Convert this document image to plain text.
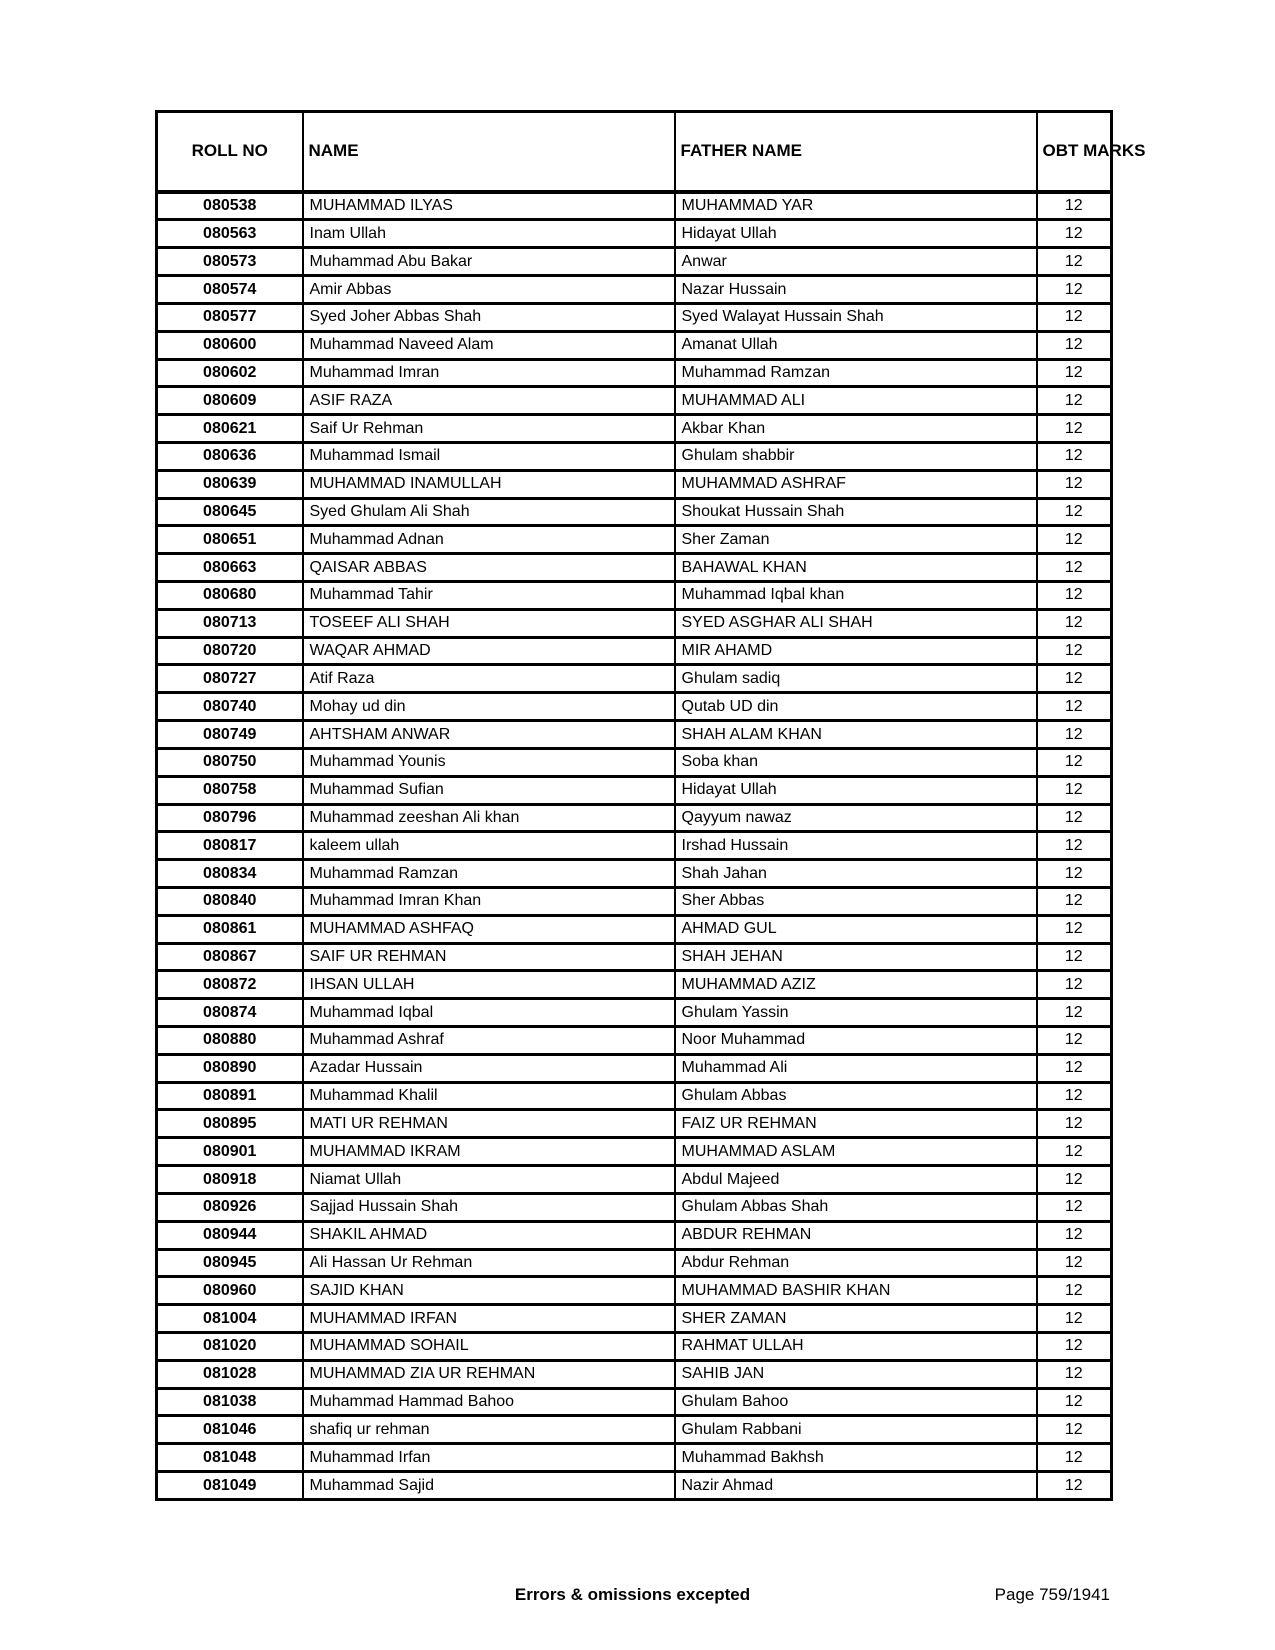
ROLL NO	NAME	FATHER NAME	OBT MARKS
080538	MUHAMMAD ILYAS	MUHAMMAD YAR	12
080563	Inam Ullah	Hidayat Ullah	12
080573	Muhammad Abu Bakar	Anwar	12
080574	Amir Abbas	Nazar Hussain	12
080577	Syed Joher Abbas Shah	Syed Walayat Hussain Shah	12
080600	Muhammad Naveed Alam	Amanat Ullah	12
080602	Muhammad Imran	Muhammad Ramzan	12
080609	ASIF RAZA	MUHAMMAD ALI	12
080621	Saif Ur Rehman	Akbar Khan	12
080636	Muhammad Ismail	Ghulam shabbir	12
080639	MUHAMMAD INAMULLAH	MUHAMMAD ASHRAF	12
080645	Syed Ghulam Ali Shah	Shoukat Hussain Shah	12
080651	Muhammad Adnan	Sher Zaman	12
080663	QAISAR ABBAS	BAHAWAL KHAN	12
080680	Muhammad Tahir	Muhammad Iqbal khan	12
080713	TOSEEF ALI SHAH	SYED ASGHAR ALI SHAH	12
080720	WAQAR AHMAD	MIR AHAMD	12
080727	Atif Raza	Ghulam sadiq	12
080740	Mohay ud din	Qutab UD din	12
080749	AHTSHAM ANWAR	SHAH ALAM KHAN	12
080750	Muhammad Younis	Soba khan	12
080758	Muhammad Sufian	Hidayat Ullah	12
080796	Muhammad zeeshan Ali khan	Qayyum nawaz	12
080817	kaleem ullah	Irshad Hussain	12
080834	Muhammad Ramzan	Shah Jahan	12
080840	Muhammad Imran Khan	Sher Abbas	12
080861	MUHAMMAD ASHFAQ	AHMAD GUL	12
080867	SAIF UR REHMAN	SHAH JEHAN	12
080872	IHSAN ULLAH	MUHAMMAD AZIZ	12
080874	Muhammad Iqbal	Ghulam Yassin	12
080880	Muhammad Ashraf	Noor Muhammad	12
080890	Azadar Hussain	Muhammad Ali	12
080891	Muhammad Khalil	Ghulam Abbas	12
080895	MATI UR REHMAN	FAIZ UR REHMAN	12
080901	MUHAMMAD IKRAM	MUHAMMAD ASLAM	12
080918	Niamat Ullah	Abdul Majeed	12
080926	Sajjad Hussain Shah	Ghulam Abbas Shah	12
080944	SHAKIL AHMAD	ABDUR REHMAN	12
080945	Ali Hassan Ur Rehman	Abdur Rehman	12
080960	SAJID KHAN	MUHAMMAD BASHIR KHAN	12
081004	MUHAMMAD IRFAN	SHER ZAMAN	12
081020	MUHAMMAD SOHAIL	RAHMAT ULLAH	12
081028	MUHAMMAD ZIA UR REHMAN	SAHIB JAN	12
081038	Muhammad Hammad Bahoo	Ghulam Bahoo	12
081046	shafiq ur rehman	Ghulam Rabbani	12
081048	Muhammad Irfan	Muhammad Bakhsh	12
081049	Muhammad Sajid	Nazir Ahmad	12
Errors & omissions excepted	Page 759/1941
